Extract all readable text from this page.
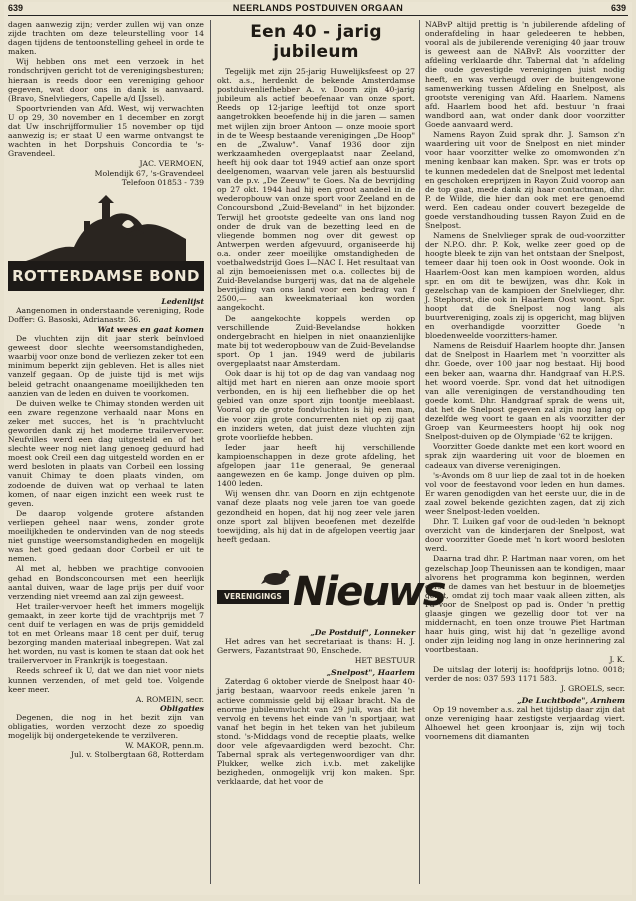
639	NEERLANDS POSTDUIVEN ORGAAN	639

dagen aanwezig zijn; verder zullen wij van onze zijde trachten om deze teleurstelling voor 14 dagen tijdens de tentoonstelling geheel in orde te maken.

Wij hebben ons met een verzoek in het rondschrijven gericht tot de verenigingsbesturen; hieraan is reeds door een vereniging gehoor gegeven, wat door ons in dank is aanvaard. (Bravo, Snelvliegers, Capelle a/d IJssel).

Spoortvrienden van Afd. West, wij verwachten U op 29, 30 november en 1 december en zorgt dat Uw inschrijfformulier 15 november op tijd aanwezig is; er staat U een warme ontvangst te wachten in het Dorpshuis Concordia te 's-Gravendeel.

JAC. VERMOEN,
Molendijk 67, 's-Gravendeel
Telefoon 01853 - 739
ROTTERDAMSE BOND
Ledenlijst

Aangenomen in onderstaande vereniging, Rode Doffer: G. Basoski, Adrianastr. 36.

Wat wees en gaat komen

De vluchten zijn dit jaar sterk beïnvloed geweest door slechte weersomstandigheden, waarbij voor onze bond de verliezen zeker tot een minimum beperkt zijn gebleven. Het is alles niet vanzelf gegaan. Op de juiste tijd is met wijs beleid getracht onaangename moeilijkheden ten aanzien van de leden en duiven te voorkomen.

De duiven welke te Chimay stonden werden uit een zware regenzone verhaald naar Mons en zeker met succes, het is 'n prachtvlucht geworden dank zij het moderne trailervervoer. Neufvilles werd een dag uitgesteld en of het slechte weer nog niet lang genoeg geduurd had moest ook Creil een dag uitgesteld worden en er werd besloten in plaats van Corbeil een lossing vanuit Chimay te doen plaats vinden, om zodoende de duiven wat op verhaal te laten komen, of naar eigen inzicht een week rust te geven.

De daarop volgende grotere afstanden verliepen geheel naar wens, zonder grote moeilijkheden te ondervinden van de nog steeds niet gunstige weersomstandigheden en mogelijk was het goed gedaan door Corbeil er uit te nemen.

Al met al, hebben we prachtige convooien gehad en Bondsconcoursen met een heerlijk aantal duiven, waar de lage prijs per duif voor verzending niet vreemd aan zal zijn geweest.

Het trailer-vervoer heeft het immers mogelijk gemaakt, in zeer korte tijd de vrachtprijs met 7 cent duif te verlagen en was de prijs gemiddeld tot en met Orleans maar 18 cent per duif, terug bezorging manden materiaal inbegrepen. Wat zal het worden, nu vast is komen te staan dat ook het trailervervoer in Frankrijk is toegestaan.

Reeds schreef ik U, dat we dan niet voor niets kunnen verzenden, of met geld toe. Volgende keer meer.

A. ROMEIN, secr.
Obligaties

Degenen, die nog in het bezit zijn van obligaties, worden verzocht deze zo spoedig mogelijk bij ondergetekende te verzilveren.

W. MAKOR, penn.m.
Jul. v. Stolbergtaan 68, Rotterdam
Een 40 - jarig jubileum

Tegelijk met zijn 25-jarig Huwelijksfeest op 27 okt. a.s., herdenkt de bekende Amsterdamse postduivenliefhebber A. v. Doorn zijn 40-jarig jubileum als actief beoefenaar van onze sport. Reeds op 12-jarige leeftijd tot onze sport aangetrokken beoefende hij in die jaren — samen met wijlen zijn broer Antoon — onze mooie sport in de te Weesp bestaande verenigingen „De Hoop" en de „Zwaluw". Vanaf 1936 door zijn werkzaamheden overgeplaatst naar Zeeland, heeft hij ook daar tot 1949 actief aan onze sport deelgenomen, waarvan vele jaren als bestuurslid van de p.v. „De Zeeuw" te Goes. Na de bevrijding op 27 okt. 1944 had hij een groot aandeel in de wederopbouw van onze sport voor Zeeland en de Concoursbond „Zuid-Beveland" in het bijzonder. Terwijl het grootste gedeelte van ons land nog onder de druk van de bezetting leed en de vliegende bommen nog over dit gewest op Antwerpen werden afgevuurd, organiseerde hij o.a. onder zeer moeilijke omstandigheden de voetbalwedstrijd Goes I—NAC I. Het resultaat van al zijn bemoeienissen met o.a. collectes bij de Zuid-Bevelandse burgerij was, dat na de algehele bevrijding van ons land voor een bedrag van f 2500,— aan kweekmateriaal kon worden aangekocht.

De aangekochte koppels werden op verschillende Zuid-Bevelandse hokken ondergebracht en hielpen in niet onaanzienlijke mate bij tot wederopbouw van de Zuid-Bevelandse sport. Op 1 jan. 1949 werd de jubilaris overgeplaatst naar Amsterdam.

Ook daar is hij tot op de dag van vandaag nog altijd met hart en nieren aan onze mooie sport verbonden, en is hij een liefhebber die op het gebied van onze sport zijn toontje meeblaast. Vooral op de grote fondvluchten is hij een man, die voor zijn grote concurrenten niet op zij gaat en inziders weten, dat juist deze vluchten zijn grote voorliefde hebben.

Ieder jaar heeft hij verschillende kampioenschappen in deze grote afdeling, het afgelopen jaar 11e generaal, 9e generaal aangewezen en 6e kamp. Jonge duiven op plm. 1400 leden.

Wij wensen dhr. van Doorn en zijn echtgenote vanaf deze plaats nog vele jaren toe van goede gezondheid en hopen, dat hij nog zeer vele jaren onze sport zal blijven beoefenen met dezelfde toewijding, als hij dat in de afgelopen veertig jaar heeft gedaan.

VERENIGINGS Nieuws
„De Postduif", Lonneker

Het adres van het secretariaat is thans: H. J. Gerwers, Fazantstraat 90, Enschede.

HET BESTUUR
„Snelpost", Haarlem

Zaterdag 6 oktober vierde de Snelpost haar 40-jarig bestaan, waarvoor reeds enkele jaren 'n actieve commissie geld bij elkaar bracht. Na de enorme jubileumvlucht van 29 juli, was dit het vervolg en tevens het einde van 'n sportjaar, wat vanaf het begin in het teken van het jubileum stond. 's-Middags vond de receptie plaats, welke door vele afgevaardigden werd bezocht. Chr. Tabernal sprak als vertegenwoordiger van dhr. Plukker, welke zich i.v.b. met zakelijke bezigheden, onmogelijk vrij kon maken. Spr. verklaarde, dat het voor de

NABvP altijd prettig is 'n jubilerende afdeling of onderafdeling in haar geledeeren te hebben, vooral als de jubilerende vereniging 40 jaar trouw is geweest aan de NABvP. Als voorzitter der afdeling verklaarde dhr. Tabernal dat 'n afdeling die oude gevestigde verenigingen juist nodig heeft, en was verheugd over de buitengewone samenwerking tussen Afdeling en Snelpost, als grootste vereniging van Afd. Haarlem. Namens afd. Haarlem bood het afd. bestuur 'n fraai wandbord aan, wat onder dank door voorzitter Goede aanvaard werd.

Namens Rayon Zuid sprak dhr. J. Samson z'n waardering uit voor de Snelpost en niet minder voor haar voorzitter welke zo omomwonden z'n mening kenbaar kan maken. Spr. was er trots op te kunnen mededelen dat de Snelpost met ledental en geschoken ereprijzen in Rayon Zuid voorop aan de top gaat, mede dank zij haar contactman, dhr. P. de Wilde, die hier dan ook met ere genoemd werd. Een cadeau onder couvert bezegelde de goede verstandhouding tussen Rayon Zuid en de Snelpost.

Namens de Snelvlieger sprak de oud-voorzitter der N.P.O. dhr. P. Kok, welke zeer goed op de hoogte bleek te zijn van het ontstaan der Snelpost, temeer daar hij toen ook in Oost woonde. Ook in Haarlem-Oost kan men kampioen worden, aldus spr. en om dit te bewijzen, was dhr. Kok in gezelschap van de kampioen der Snelvlieger, dhr. J. Stephorst, die ook in Haarlem Oost woont. Spr. hoopt dat de Snelpost nog lang als buurtvereniging, zoals zij is opgericht, mag blijven en overhandigde voorzitter Goede 'n bloedenweelde voorzitters-hamer.

Namens de Reisduif Haarlem hoopte dhr. Jansen dat de Snelpost in Haarlem met 'n voorzitter als dhr. Goede, over 100 jaar nog bestaat. Hij bood een beker aan, waarna dhr. Handgraaf van H.P.S. het woord voerde. Spr. vond dat het uitnodigen van alle verenigingen de verstandhouding ten goede komt. Dhr. Handgraaf sprak de wens uit, dat het de Snelpost gegeven zal zijn nog lang op dezelfde weg voort te gaan en als voorzitter der Groep van Keurmeesters hoopt hij ook nog Snelpost-duiven op de Olympiade '62 te krijgen.

Voorzitter Goede dankte met een kort woord en sprak zijn waardering uit voor de bloemen en cadeaux van diverse verenigingen.

's-Avonds om 8 uur liep de zaal tot in de hoeken vol voor de feestavond voor leden en hun dames. Er waren genodigden van het eerste uur, die in de zaal zowel bekende gezichten zagen, dat zij zich weer Snelpost-leden voelden.

Dhr. T. Luiken gaf voor de oud-leden 'n beknopt overzicht van de kinderjaren der Snelpost, wat door voorzitter Goede met 'n kort woord besloten werd.

Daarna trad dhr. P. Hartman naar voren, om het gezelschap Joop Theunissen aan te kondigen, maar alvorens het programma kon beginnen, werden eerst de dames van het bestuur in de bloemetjes gezet, omdat zij toch maar vaak alleen zitten, als Pa voor de Snelpost op pad is. Onder 'n prettig glaasje gingen we gezellig door tot ver na middernacht, en toen onze trouwe Piet Hartman haar huis ging, wist hij dat 'n gezellige avond onder zijn leiding nog lang in onze herinnering zal voortbestaan.

J. K.

De uitslag der loterij is: hoofdprijs lotno. 0018; verder de nos: 037 593 1171 583.

J. GROELS, secr.
„De Luchtbode", Arnhem

Op 19 november a.s. zal het tijdstip daar zijn dat onze vereniging haar zestigste verjaardag viert. Alhoewel het geen kroonjaar is, zijn wij toch voornemens dit diamanten
